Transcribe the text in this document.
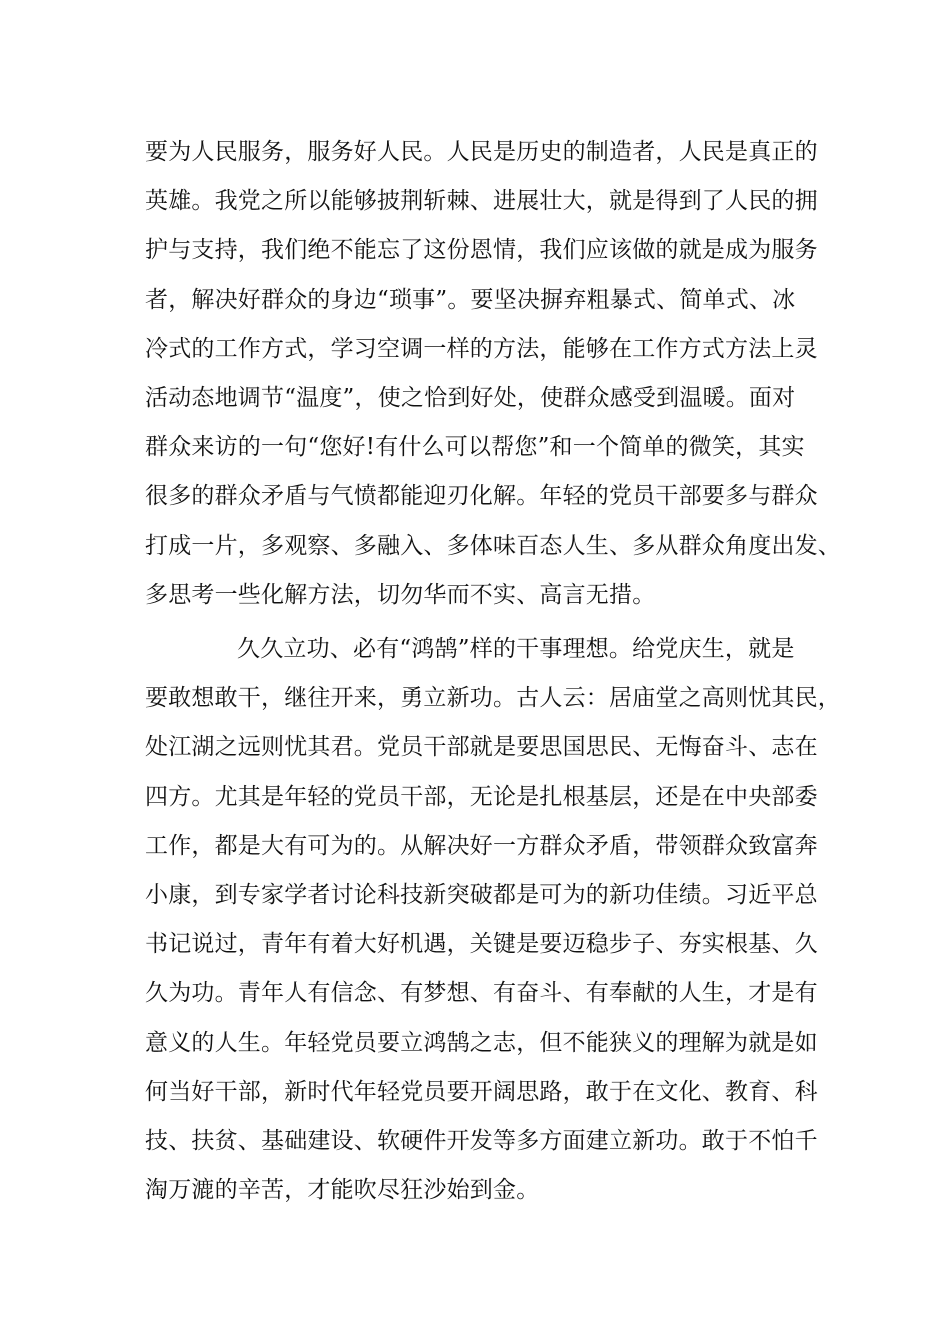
要为人民服务，服务好人民。人民是历史的制造者，人民是真正的
英雄。我党之所以能够披荆斩棘、进展壮大，就是得到了人民的拥
护与支持，我们绝不能忘了这份恩情，我们应该做的就是成为服务
者，解决好群众的身边“琐事”。要坚决摒弃粗暴式、简单式、冰
冷式的工作方式，学习空调一样的方法，能够在工作方式方法上灵
活动态地调节“温度”，使之恰到好处，使群众感受到温暖。面对
群众来访的一句“您好!有什么可以帮您”和一个简单的微笑，其实
很多的群众矛盾与气愤都能迎刃化解。年轻的党员干部要多与群众
打成一片，多观察、多融入、多体味百态人生、多从群众角度出发、
多思考一些化解方法，切勿华而不实、高言无措。
久久立功、必有“鸿鹄”样的干事理想。给党庆生，就是
要敢想敢干，继往开来，勇立新功。古人云：居庙堂之高则忧其民，
处江湖之远则忧其君。党员干部就是要思国思民、无悔奋斗、志在
四方。尤其是年轻的党员干部，无论是扎根基层，还是在中央部委
工作，都是大有可为的。从解决好一方群众矛盾，带领群众致富奔
小康，到专家学者讨论科技新突破都是可为的新功佳绩。习近平总
书记说过，青年有着大好机遇，关键是要迈稳步子、夯实根基、久
久为功。青年人有信念、有梦想、有奋斗、有奉献的人生，才是有
意义的人生。年轻党员要立鸿鹄之志，但不能狭义的理解为就是如
何当好干部，新时代年轻党员要开阔思路，敢于在文化、教育、科
技、扶贫、基础建设、软硬件开发等多方面建立新功。敢于不怕千
淘万漉的辛苦，才能吹尽狂沙始到金。
